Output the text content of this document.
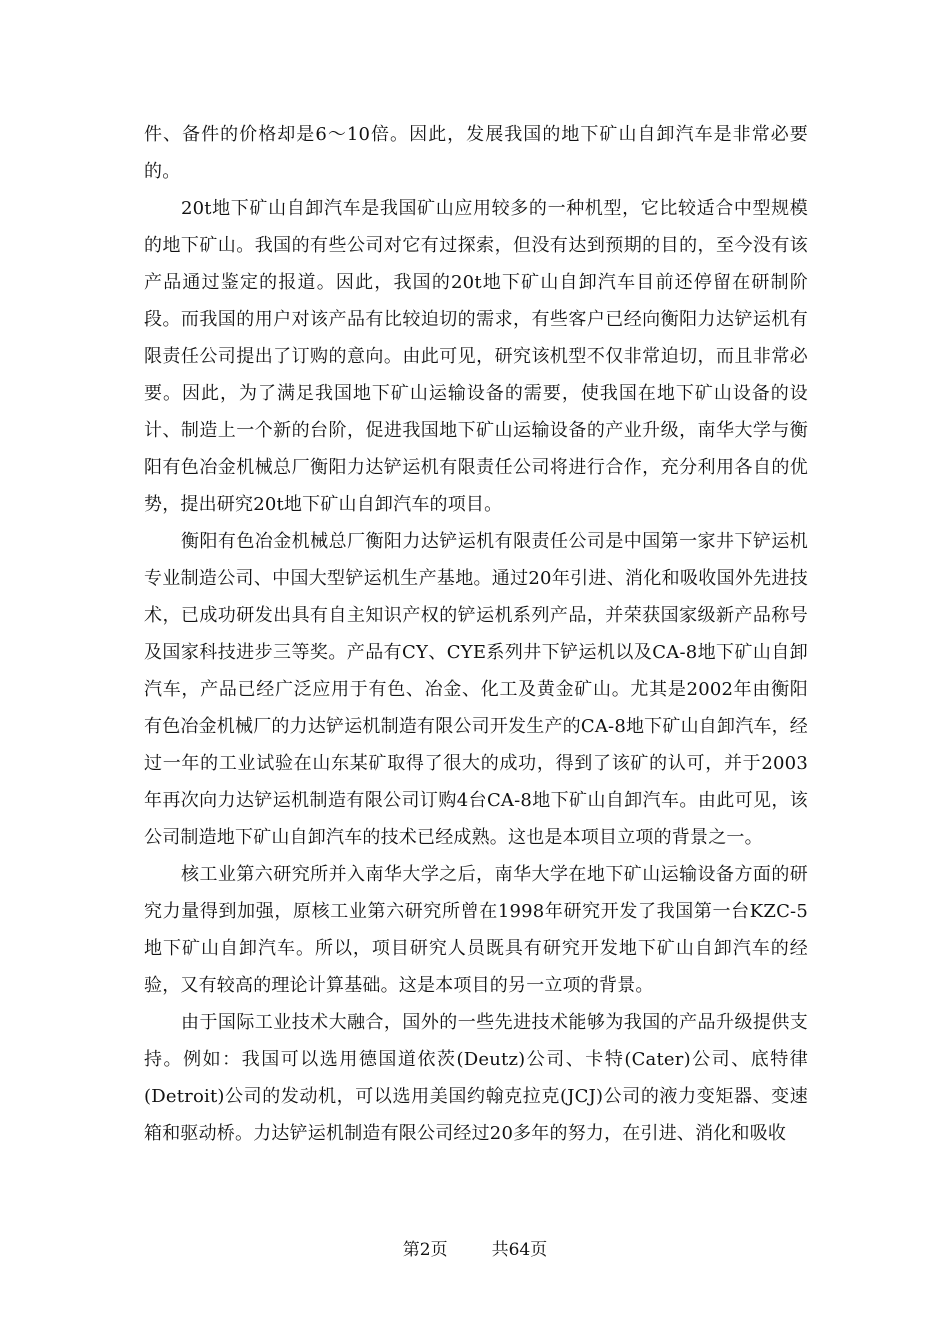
件、备件的价格却是6～10倍。因此，发展我国的地下矿山自卸汽车是非常必要的。

20t地下矿山自卸汽车是我国矿山应用较多的一种机型，它比较适合中型规模的地下矿山。我国的有些公司对它有过探索，但没有达到预期的目的，至今没有该产品通过鉴定的报道。因此，我国的20t地下矿山自卸汽车目前还停留在研制阶段。而我国的用户对该产品有比较迫切的需求，有些客户已经向衡阳力达铲运机有限责任公司提出了订购的意向。由此可见，研究该机型不仅非常迫切，而且非常必要。因此，为了满足我国地下矿山运输设备的需要，使我国在地下矿山设备的设计、制造上一个新的台阶，促进我国地下矿山运输设备的产业升级，南华大学与衡阳有色冶金机械总厂衡阳力达铲运机有限责任公司将进行合作，充分利用各自的优势，提出研究20t地下矿山自卸汽车的项目。

衡阳有色冶金机械总厂衡阳力达铲运机有限责任公司是中国第一家井下铲运机专业制造公司、中国大型铲运机生产基地。通过20年引进、消化和吸收国外先进技术，已成功研发出具有自主知识产权的铲运机系列产品，并荣获国家级新产品称号及国家科技进步三等奖。产品有CY、CYE系列井下铲运机以及CA-8地下矿山自卸汽车，产品已经广泛应用于有色、冶金、化工及黄金矿山。尤其是2002年由衡阳有色冶金机械厂的力达铲运机制造有限公司开发生产的CA-8地下矿山自卸汽车，经过一年的工业试验在山东某矿取得了很大的成功，得到了该矿的认可，并于2003年再次向力达铲运机制造有限公司订购4台CA-8地下矿山自卸汽车。由此可见，该公司制造地下矿山自卸汽车的技术已经成熟。这也是本项目立项的背景之一。

核工业第六研究所并入南华大学之后，南华大学在地下矿山运输设备方面的研究力量得到加强，原核工业第六研究所曾在1998年研究开发了我国第一台KZC-5地下矿山自卸汽车。所以，项目研究人员既具有研究开发地下矿山自卸汽车的经验，又有较高的理论计算基础。这是本项目的另一立项的背景。

由于国际工业技术大融合，国外的一些先进技术能够为我国的产品升级提供支持。例如：我国可以选用德国道依茨(Deutz)公司、卡特(Cater)公司、底特律(Detroit)公司的发动机，可以选用美国约翰克拉克(JCJ)公司的液力变矩器、变速箱和驱动桥。力达铲运机制造有限公司经过20多年的努力，在引进、消化和吸收

第2页	共64页
